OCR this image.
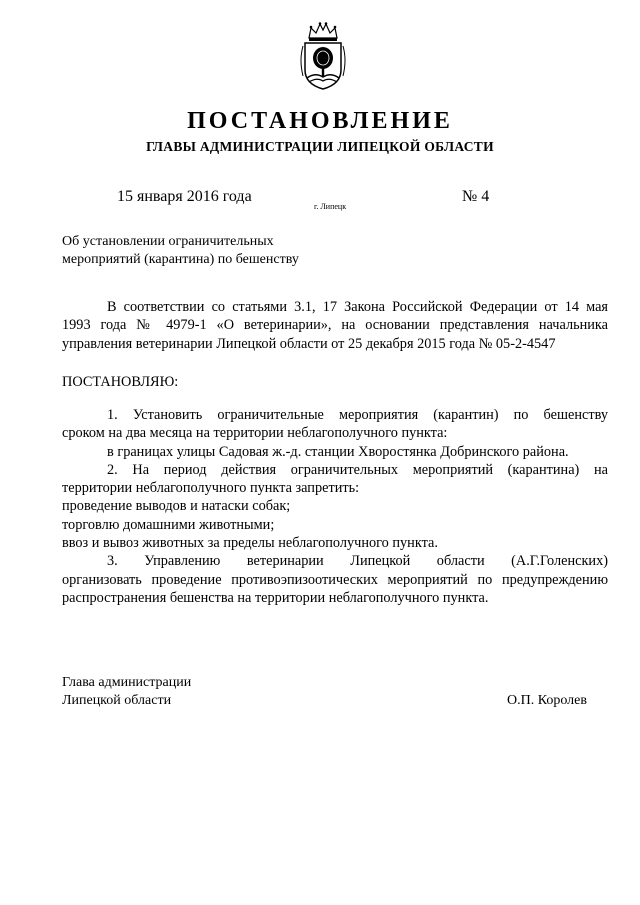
ПОСТАНОВЛЕНИЕ
ГЛАВЫ АДМИНИСТРАЦИИ ЛИПЕЦКОЙ ОБЛАСТИ
15 января 2016 года
г. Липецк
№ 4
Об установлении ограничительных
мероприятий (карантина) по бешенству
В соответствии со статьями 3.1, 17 Закона Российской Федерации от 14 мая
1993 года № 4979-1 «О ветеринарии», на основании представления начальника
управления ветеринарии Липецкой области от 25 декабря 2015 года № 05-2-4547
ПОСТАНОВЛЯЮ:
1. Установить ограничительные мероприятия (карантин) по бешенству
сроком на два месяца на территории неблагополучного пункта:
в границах улицы Садовая ж.-д. станции Хворостянка Добринского района.
2. На период действия ограничительных мероприятий (карантина) на
территории неблагополучного пункта запретить:
проведение выводов и натаски собак;
торговлю домашними животными;
ввоз и вывоз животных за пределы неблагополучного пункта.
3. Управлению ветеринарии Липецкой области (А.Г.Голенских)
организовать проведение противоэпизоотических мероприятий по предупреждению
распространения бешенства на территории неблагополучного пункта.
Глава администрации
Липецкой области	О.П. Королев
